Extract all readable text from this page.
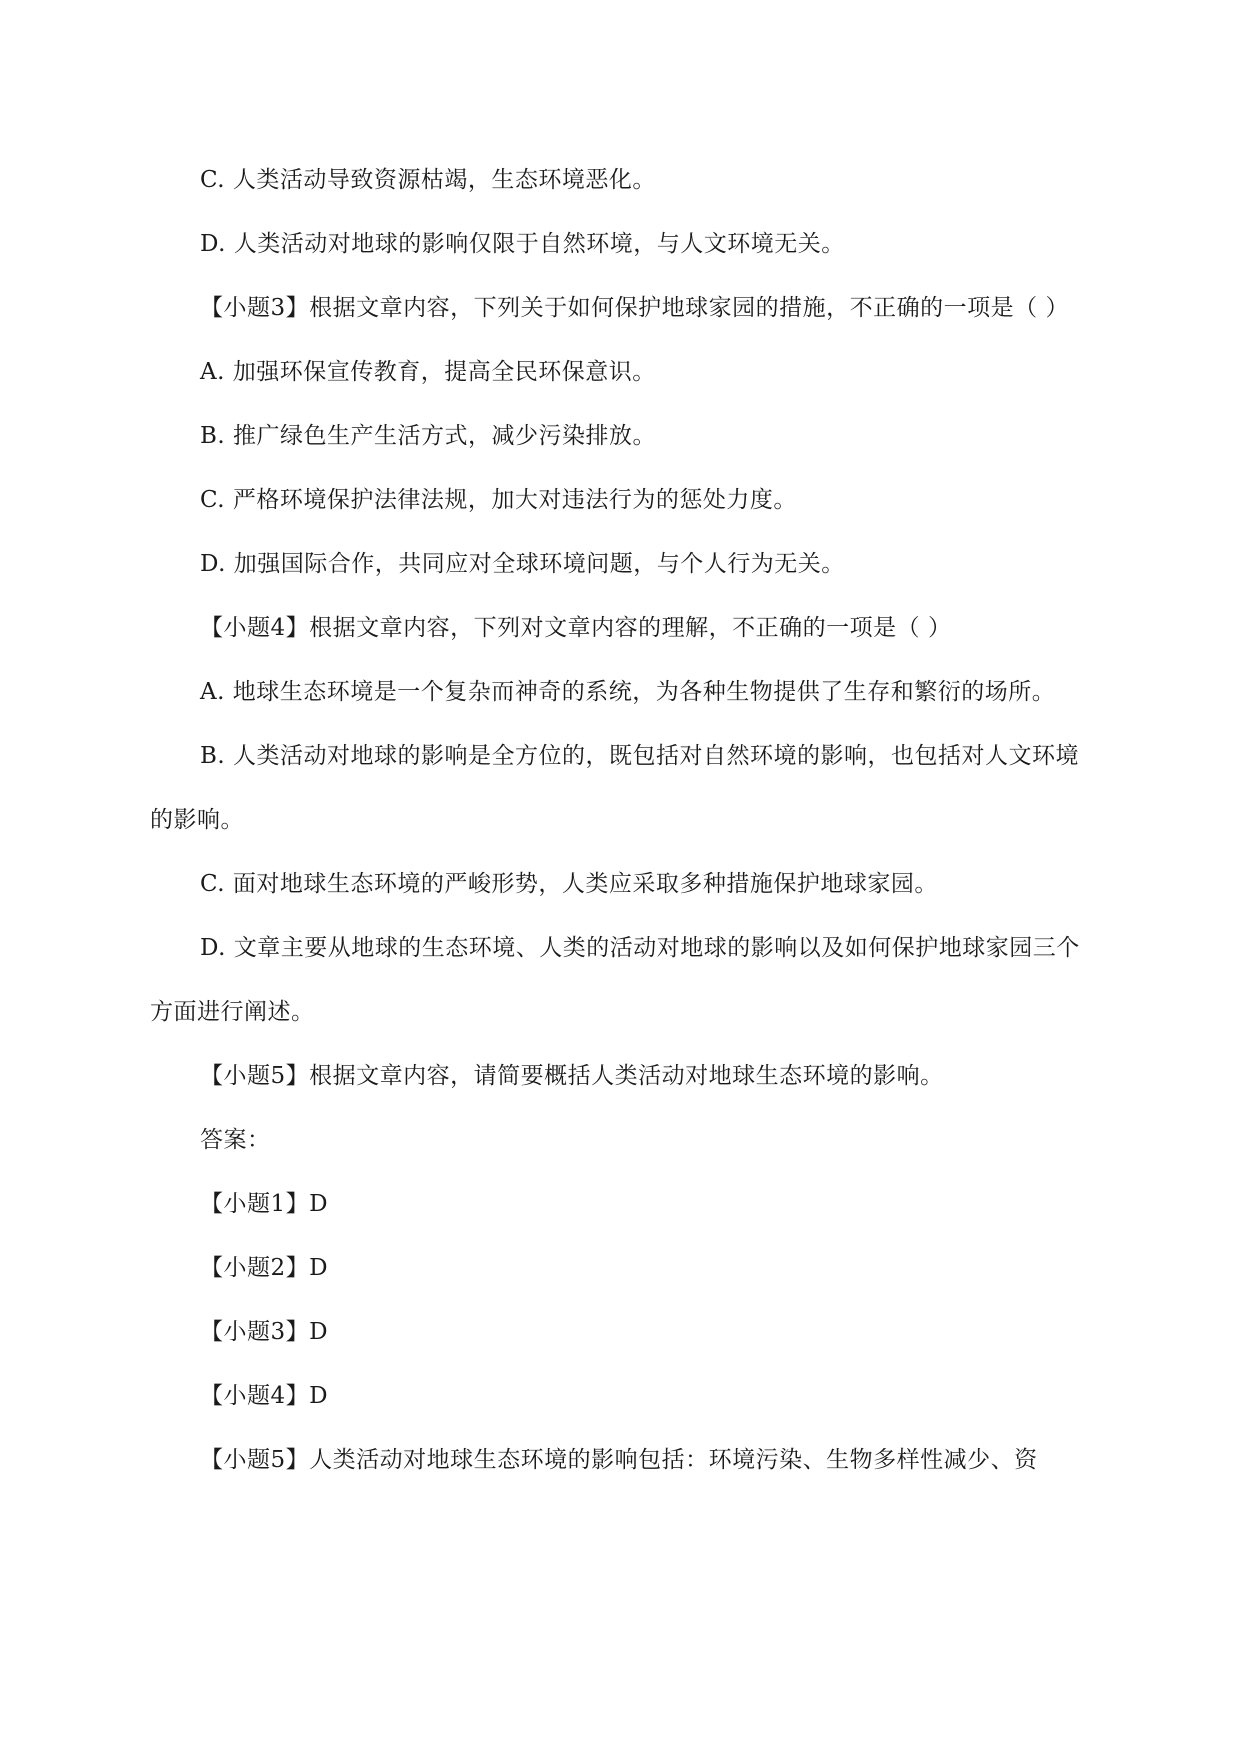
C. 人类活动导致资源枯竭，生态环境恶化。

D. 人类活动对地球的影响仅限于自然环境，与人文环境无关。

【小题3】根据文章内容，下列关于如何保护地球家园的措施，不正确的一项是（ ）

A. 加强环保宣传教育，提高全民环保意识。

B. 推广绿色生产生活方式，减少污染排放。

C. 严格环境保护法律法规，加大对违法行为的惩处力度。

D. 加强国际合作，共同应对全球环境问题，与个人行为无关。

【小题4】根据文章内容，下列对文章内容的理解，不正确的一项是（ ）

A. 地球生态环境是一个复杂而神奇的系统，为各种生物提供了生存和繁衍的场所。

B. 人类活动对地球的影响是全方位的，既包括对自然环境的影响，也包括对人文环境的影响。

C. 面对地球生态环境的严峻形势，人类应采取多种措施保护地球家园。

D. 文章主要从地球的生态环境、人类的活动对地球的影响以及如何保护地球家园三个方面进行阐述。

【小题5】根据文章内容，请简要概括人类活动对地球生态环境的影响。

答案：

【小题1】D

【小题2】D

【小题3】D

【小题4】D

【小题5】人类活动对地球生态环境的影响包括：环境污染、生物多样性减少、资
